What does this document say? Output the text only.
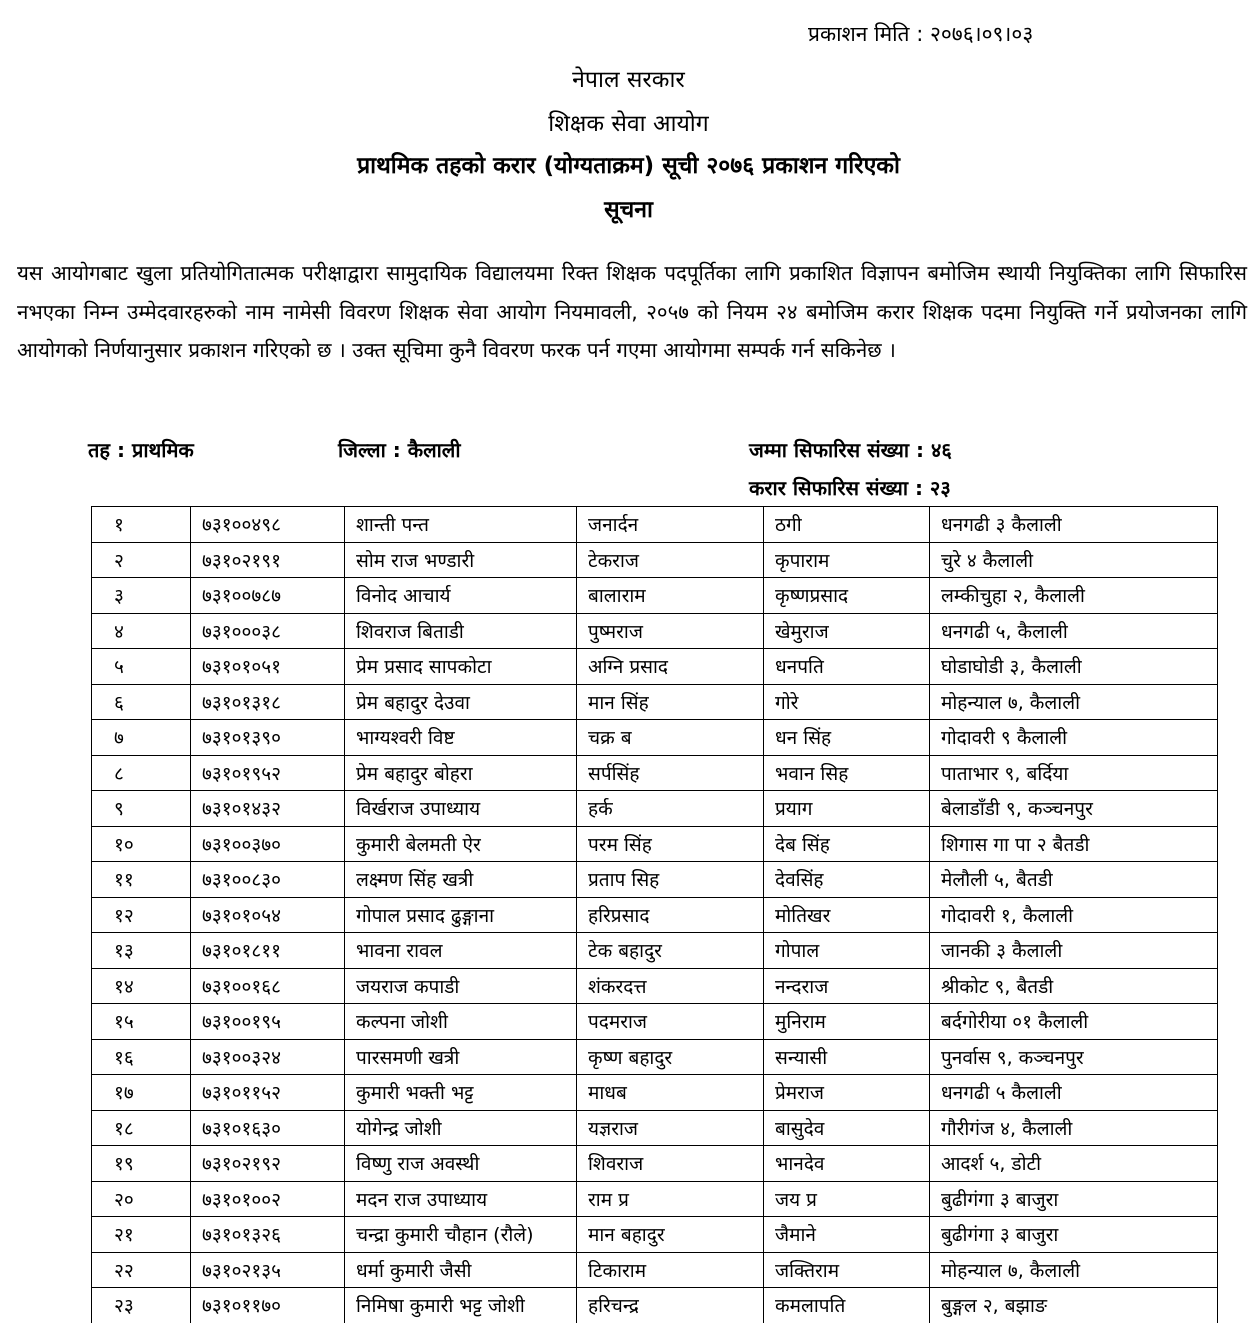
प्रकाशन मिति : २०७६।०९।०३
नेपाल सरकार
शिक्षक सेवा आयोग
प्राथमिक तहको करार (योग्यताक्रम) सूची २०७६ प्रकाशन गरिएको
सूचना
यस आयोगबाट खुला प्रतियोगितात्मक परीक्षाद्वारा सामुदायिक विद्यालयमा रिक्त शिक्षक पदपूर्तिका लागि प्रकाशित विज्ञापन बमोजिम स्थायी नियुक्तिका लागि सिफारिस नभएका निम्न उम्मेदवारहरुको नाम नामेसी विवरण शिक्षक सेवा आयोग नियमावली, २०५७ को नियम २४ बमोजिम करार शिक्षक पदमा नियुक्ति गर्ने प्रयोजनका लागि आयोगको निर्णयानुसार प्रकाशन गरिएको छ । उक्त सूचिमा कुनै विवरण फरक पर्न गएमा आयोगमा सम्पर्क गर्न सकिनेछ ।
तह : प्राथमिक	जिल्ला : कैलाली	जम्मा सिफारिस संख्या : ४६
करार सिफारिस संख्या : २३
१	७३१००४९८	शान्ती पन्त	जनार्दन	ठगी	धनगढी ३ कैलाली
२	७३१०२१९१	सोम राज भण्डारी	टेकराज	कृपाराम	चुरे ४ कैलाली
३	७३१००७८७	विनोद आचार्य	बालाराम	कृष्णप्रसाद	लम्कीचुहा २, कैलाली
४	७३१०००३८	शिवराज बिताडी	पुष्मराज	खेमुराज	धनगढी ५, कैलाली
५	७३१०१०५१	प्रेम प्रसाद सापकोटा	अग्नि प्रसाद	धनपति	घोडाघोडी ३, कैलाली
६	७३१०१३१८	प्रेम बहादुर देउवा	मान सिंह	गोरे	मोहन्याल ७, कैलाली
७	७३१०१३९०	भाग्यश्वरी विष्ट	चक्र ब	धन सिंह	गोदावरी ९ कैलाली
८	७३१०१९५२	प्रेम बहादुर बोहरा	सर्पसिंह	भवान सिह	पाताभार ९, बर्दिया
९	७३१०१४३२	विर्खराज उपाध्याय	हर्क	प्रयाग	बेलाडाँडी ९, कञ्चनपुर
१०	७३१००३७०	कुमारी बेलमती ऐर	परम सिंह	देब सिंह	शिगास गा पा २ बैतडी
११	७३१००८३०	लक्ष्मण सिंह खत्री	प्रताप सिह	देवसिंह	मेलौली ५, बैतडी
१२	७३१०१०५४	गोपाल प्रसाद ढुङ्गाना	हरिप्रसाद	मोतिखर	गोदावरी १, कैलाली
१३	७३१०१८११	भावना रावल	टेक बहादुर	गोपाल	जानकी ३ कैलाली
१४	७३१००१६८	जयराज कपाडी	शंकरदत्त	नन्दराज	श्रीकोट ९, बैतडी
१५	७३१००१९५	कल्पना जोशी	पदमराज	मुनिराम	बर्दगोरीया ०१ कैलाली
१६	७३१००३२४	पारसमणी खत्री	कृष्ण बहादुर	सन्यासी	पुनर्वास ९, कञ्चनपुर
१७	७३१०११५२	कुमारी भक्ती भट्ट	माधब	प्रेमराज	धनगढी ५ कैलाली
१८	७३१०१६३०	योगेन्द्र जोशी	यज्ञराज	बासुदेव	गौरीगंज ४, कैलाली
१९	७३१०२१९२	विष्णु राज अवस्थी	शिवराज	भानदेव	आदर्श ५, डोटी
२०	७३१०१००२	मदन राज उपाध्याय	राम प्र	जय प्र	बुढीगंगा ३ बाजुरा
२१	७३१०१३२६	चन्द्रा कुमारी चौहान (रौले)	मान बहादुर	जैमाने	बुढीगंगा ३ बाजुरा
२२	७३१०२१३५	धर्मा कुमारी जैसी	टिकाराम	जक्तिराम	मोहन्याल ७, कैलाली
२३	७३१०११७०	निमिषा कुमारी भट्ट जोशी	हरिचन्द्र	कमलापति	बुङ्गल २, बझाङ
